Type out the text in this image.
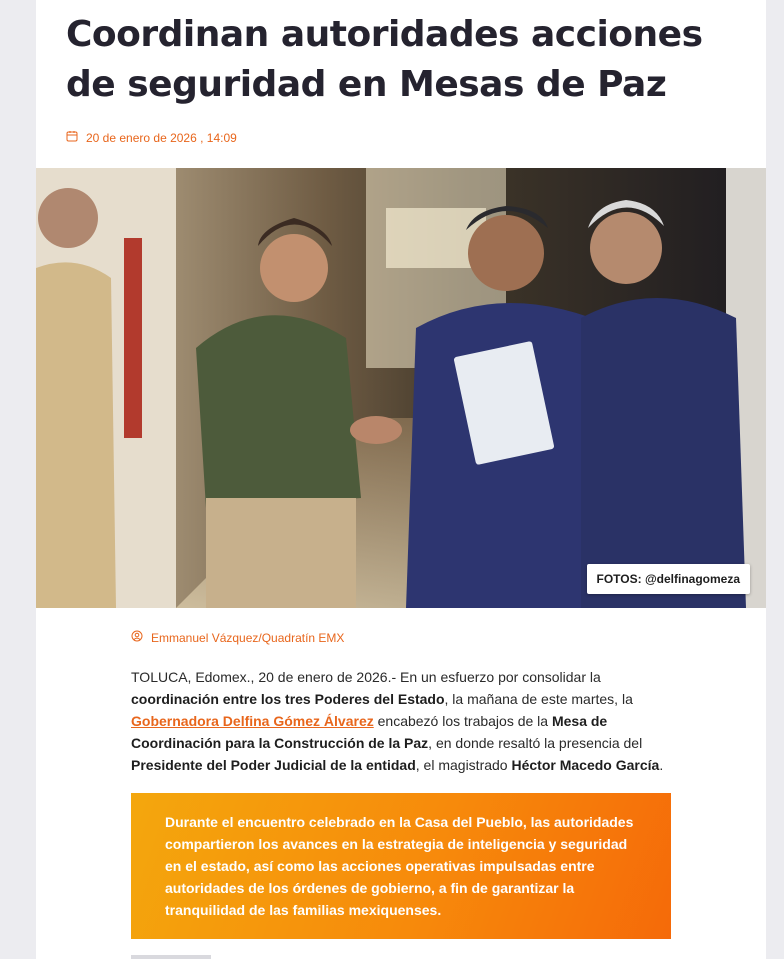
Coordinan autoridades acciones de seguridad en Mesas de Paz
20 de enero de 2026 , 14:09
FOTOS: @delfinagomeza
Emmanuel Vázquez/Quadratín EMX

TOLUCA, Edomex., 20 de enero de 2026.- En un esfuerzo por consolidar la coordinación entre los tres Poderes del Estado, la mañana de este martes, la Gobernadora Delfina Gómez Álvarez encabezó los trabajos de la Mesa de Coordinación para la Construcción de la Paz, en donde resaltó la presencia del Presidente del Poder Judicial de la entidad, el magistrado Héctor Macedo García.

Durante el encuentro celebrado en la Casa del Pueblo, las autoridades compartieron los avances en la estrategia de inteligencia y seguridad en el estado, así como las acciones operativas impulsadas entre autoridades de los órdenes de gobierno, a fin de garantizar la tranquilidad de las familias mexiquenses.
